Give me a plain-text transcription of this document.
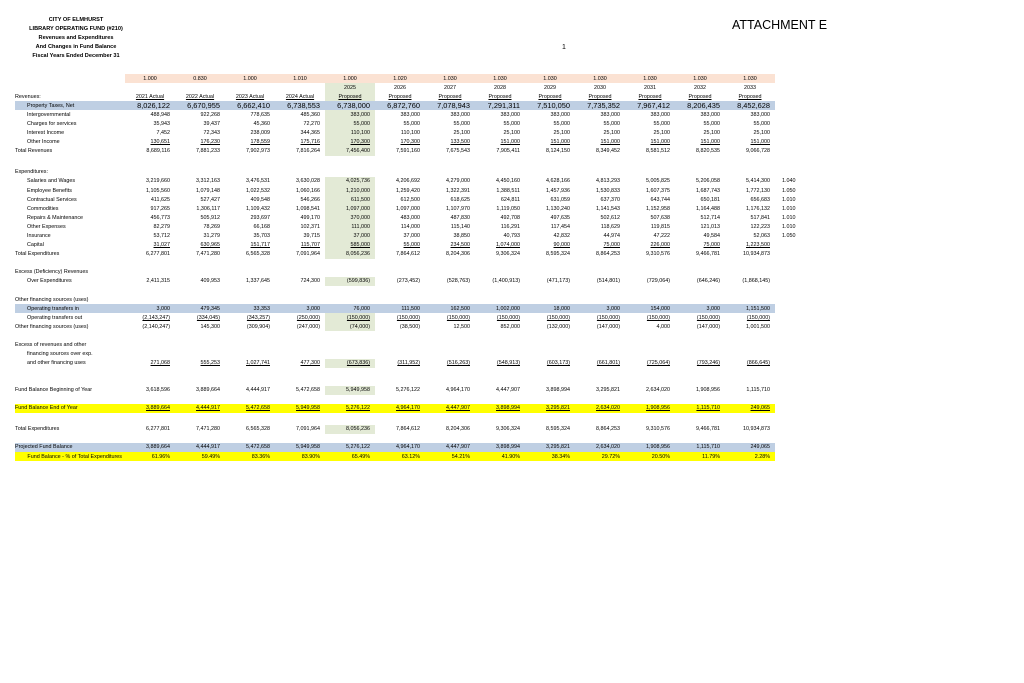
CITY OF ELMHURST
LIBRARY OPERATING FUND (#210)
Revenues and Expenditures
And Changes in Fund Balance
Fiscal Years Ended December 31
ATTACHMENT E
1
	1.000	0.830	1.000	1.010	1.000	1.020	1.030	1.030	1.030	1.030	1.030	1.030	1.030	
					2025	2026	2027	2028	2029	2030	2031	2032	2033	
Revenues:	2021 Actual	2022 Actual	2023 Actual	2024 Actual	Proposed	Proposed	Proposed	Proposed	Proposed	Proposed	Proposed	Proposed	Proposed	
Property Taxes, Net	8,026,122	6,670,955	6,662,410	6,738,553	6,738,000	6,872,760	7,078,943	7,291,311	7,510,050	7,735,352	7,967,412	8,206,435	8,452,628	
Intergovernmental	488,948	922,268	778,635	485,360	383,000	383,000	383,000	383,000	383,000	383,000	383,000	383,000	383,000	
Charges for services	35,943	39,437	45,360	72,270	55,000	55,000	55,000	55,000	55,000	55,000	55,000	55,000	55,000	
Interest Income	7,452	72,343	238,009	344,365	110,100	110,100	25,100	25,100	25,100	25,100	25,100	25,100	25,100	
Other Income	130,651	176,230	178,559	175,716	170,300	170,300	133,500	151,000	151,000	151,000	151,000	151,000	151,000	
Total Revenues	8,689,116	7,881,233	7,902,973	7,816,264	7,456,400	7,591,160	7,675,543	7,905,411	8,124,150	8,349,452	8,581,512	8,820,535	9,066,728	

Expenditures:														
Salaries and Wages	3,219,660	3,312,163	3,476,531	3,630,028	4,025,736	4,206,692	4,279,000	4,450,160	4,628,166	4,813,293	5,005,825	5,206,058	5,414,300	1.040
Employee Benefits	1,105,560	1,079,148	1,022,532	1,060,166	1,210,000	1,259,420	1,322,391	1,388,511	1,457,936	1,530,833	1,607,375	1,687,743	1,772,130	1.050
Contractual Services	411,625	527,427	409,548	546,266	611,500	612,500	618,625	624,811	631,059	637,370	643,744	650,181	656,683	1.010
Commodities	917,265	1,306,117	1,109,432	1,098,541	1,097,000	1,097,000	1,107,970	1,119,050	1,130,240	1,141,543	1,152,958	1,164,488	1,176,132	1.010
Repairs & Maintenance	456,773	505,912	293,697	499,170	370,000	483,000	487,830	492,708	497,635	502,612	507,638	512,714	517,841	1.010
Other Expenses	82,279	78,269	66,168	102,371	111,000	114,000	115,140	116,291	117,454	118,629	119,815	121,013	122,223	1.010
Insurance	53,712	31,279	35,703	39,715	37,000	37,000	38,850	40,793	42,832	44,974	47,222	49,584	52,063	1.050
Capital	31,027	630,965	151,717	115,707	585,000	55,000	234,500	1,074,000	90,000	75,000	226,000	75,000	1,223,500	
Total Expenditures	6,277,801	7,471,280	6,565,328	7,091,964	8,056,236	7,864,612	8,204,306	9,306,324	8,595,324	8,864,253	9,310,576	9,466,781	10,934,873	

Excess (Deficiency) Revenues														
Over Expenditures	2,411,315	409,953	1,337,645	724,300	(599,836)	(273,452)	(528,763)	(1,400,913)	(471,173)	(514,801)	(729,064)	(646,246)	(1,868,145)	

Other financing sources (uses)														
Operating transfers in	3,000	479,345	33,353	3,000	76,000	111,500	162,500	1,002,000	18,000	3,000	154,000	3,000	1,151,500	
Operating transfers out	(2,143,247)	(334,045)	(343,257)	(250,000)	(150,000)	(150,000)	(150,000)	(150,000)	(150,000)	(150,000)	(150,000)	(150,000)	(150,000)	
Other financing sources (uses)	(2,140,247)	145,300	(309,904)	(247,000)	(74,000)	(38,500)	12,500	852,000	(132,000)	(147,000)	4,000	(147,000)	1,001,500	

Excess of revenues and other														
financing sources over exp.														
and other financing uses	271,068	555,253	1,027,741	477,300	(673,836)	(311,952)	(516,263)	(548,913)	(603,173)	(661,801)	(725,064)	(793,246)	(866,645)	

Fund Balance Beginning of Year	3,618,596	3,889,664	4,444,917	5,472,658	5,949,958	5,276,122	4,964,170	4,447,907	3,898,994	3,295,821	2,634,020	1,908,956	1,115,710	

Fund Balance End of Year	3,889,664	4,444,917	5,472,658	5,949,958	5,276,122	4,964,170	4,447,907	3,898,994	3,295,821	2,634,020	1,908,956	1,115,710	249,065	

Total Expenditures	6,277,801	7,471,280	6,565,328	7,091,964	8,056,236	7,864,612	8,204,306	9,306,324	8,595,324	8,864,253	9,310,576	9,466,781	10,934,873	

Projected Fund Balance	3,889,664	4,444,917	5,472,658	5,949,958	5,276,122	4,964,170	4,447,907	3,898,994	3,295,821	2,634,020	1,908,956	1,115,710	249,065	
Fund Balance - % of Total Expenditures	61.96%	59.49%	83.36%	83.90%	65.49%	63.12%	54.21%	41.90%	38.34%	29.72%	20.50%	11.79%	2.28%	
